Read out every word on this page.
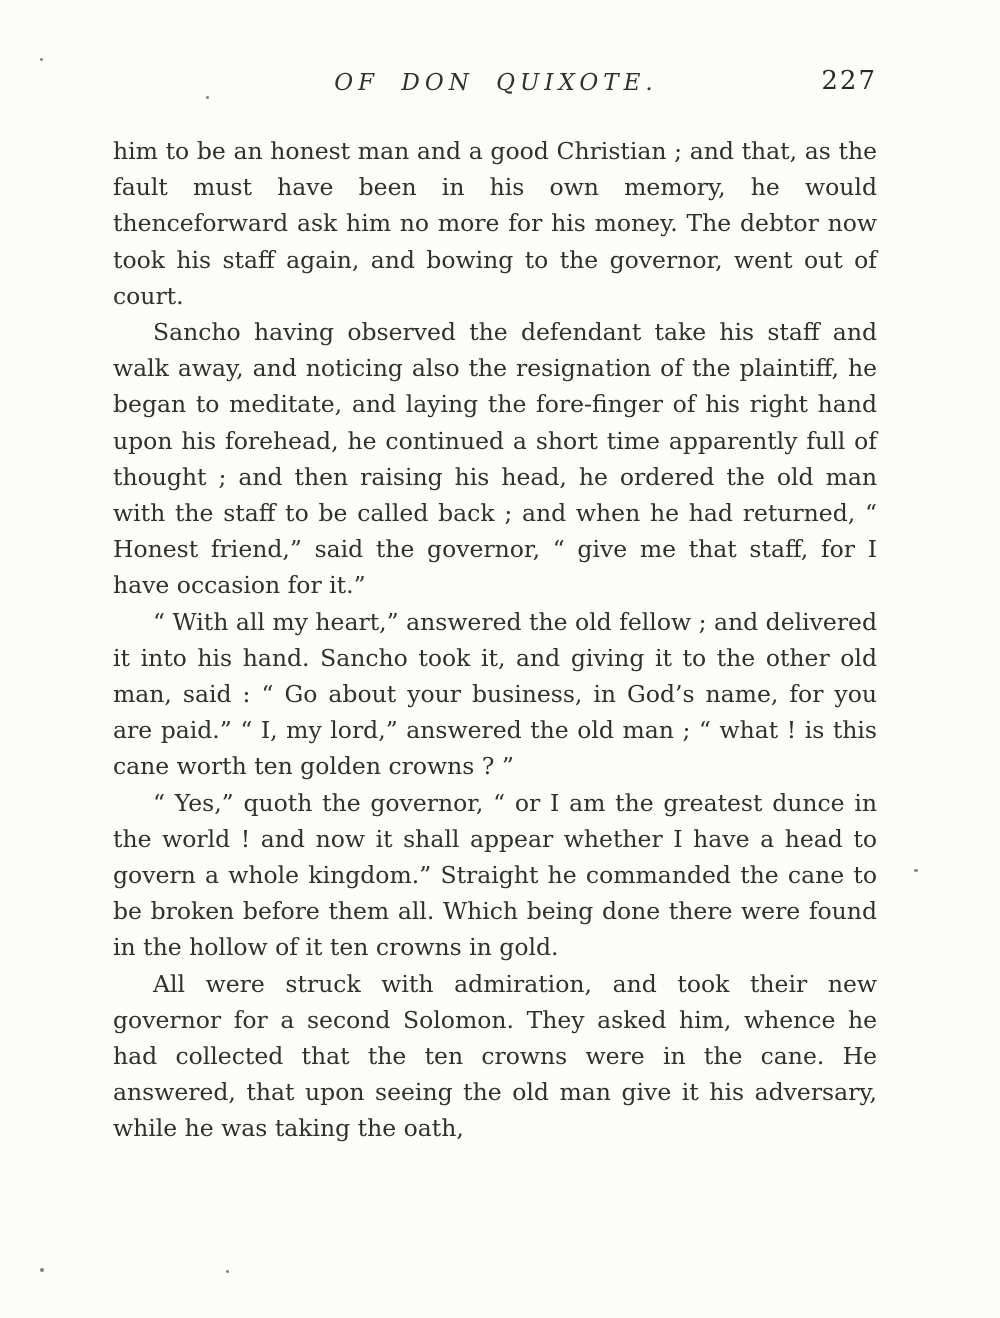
OF DON QUIXOTE.	227

him to be an honest man and a good Christian ; and that, as the fault must have been in his own memory, he would thenceforward ask him no more for his money. The debtor now took his staff again, and bowing to the governor, went out of court.

Sancho having observed the defendant take his staff and walk away, and noticing also the resignation of the plaintiff, he began to meditate, and laying the fore-finger of his right hand upon his forehead, he continued a short time apparently full of thought ; and then raising his head, he ordered the old man with the staff to be called back ; and when he had returned, “ Honest friend,” said the governor, “ give me that staff, for I have occasion for it.”

“ With all my heart,” answered the old fellow ; and delivered it into his hand. Sancho took it, and giving it to the other old man, said : “ Go about your business, in God’s name, for you are paid.” “ I, my lord,” answered the old man ; “ what ! is this cane worth ten golden crowns ? ”

“ Yes,” quoth the governor, “ or I am the greatest dunce in the world ! and now it shall appear whether I have a head to govern a whole kingdom.” Straight he commanded the cane to be broken before them all. Which being done there were found in the hollow of it ten crowns in gold.

All were struck with admiration, and took their new governor for a second Solomon. They asked him, whence he had collected that the ten crowns were in the cane. He answered, that upon seeing the old man give it his adversary, while he was taking the oath,
